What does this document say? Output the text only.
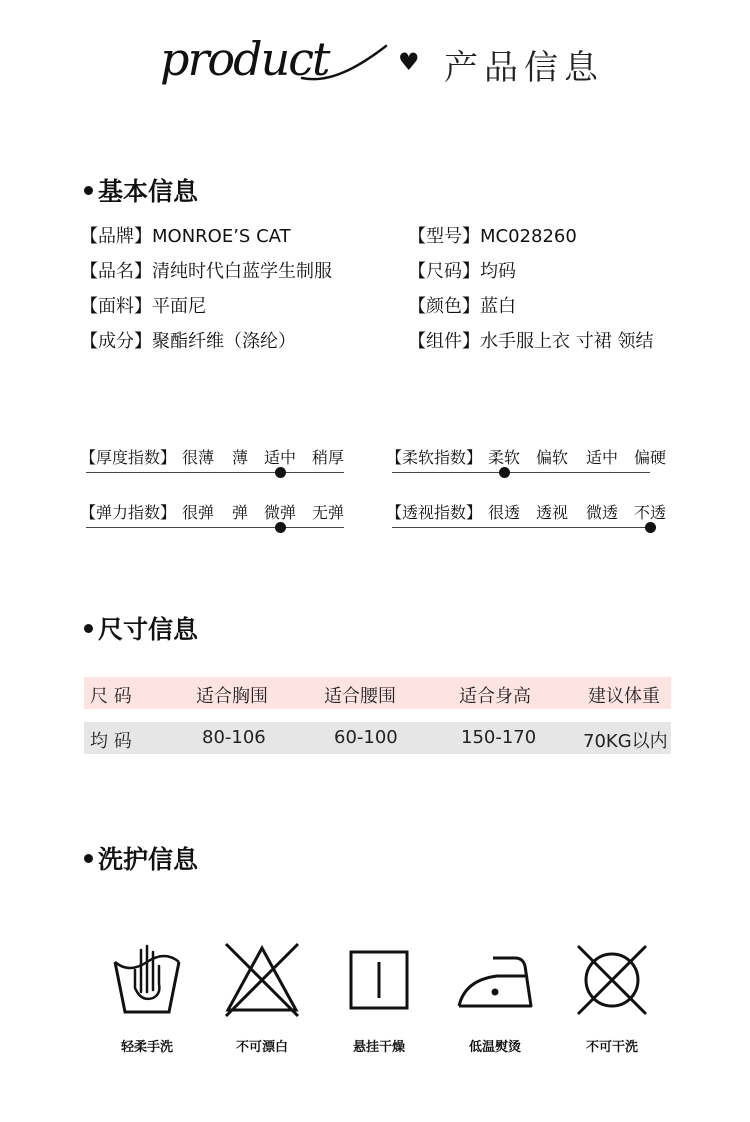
product	♥ 产品信息
基本信息
【品牌】MONROE’S CAT
【品名】清纯时代白蓝学生制服
【面料】平面尼
【成分】聚酯纤维（涤纶）
【型号】MC028260
【尺码】均码
【颜色】蓝白
【组件】水手服上衣 寸裙 领结
【厚度指数】 很薄 薄 适中 稍厚	【柔软指数】 柔软 偏软 适中 偏硬
【弹力指数】 很弹 弹 微弹 无弹	【透视指数】 很透 透视 微透 不透
尺寸信息
尺 码	适合胸围	适合腰围	适合身高	建议体重
均 码	80-106	60-100	150-170	70KG以内
洗护信息
轻柔手洗	不可漂白	悬挂干燥	低温熨烫	不可干洗
